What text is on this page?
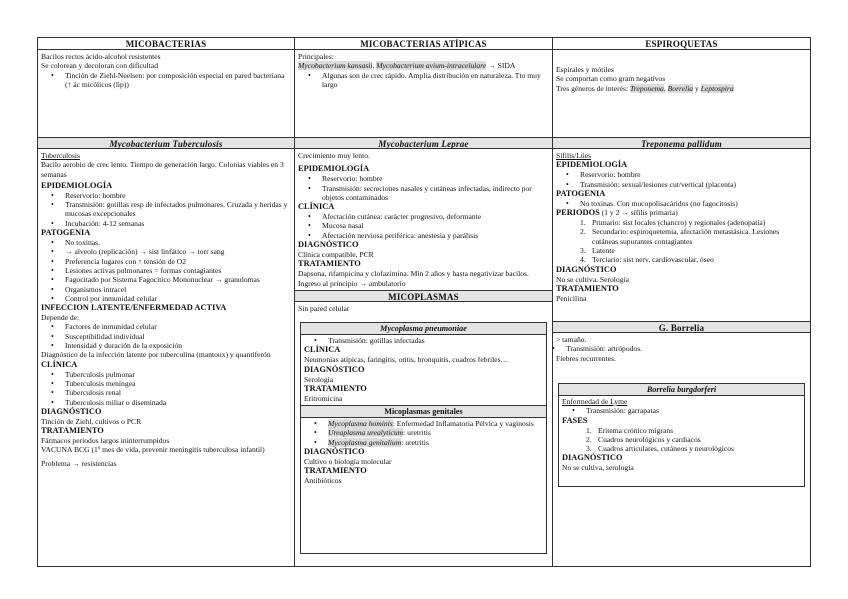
MICOBACTERIAS
Bacilos rectos ácido-alcohol resistentes
Se colorean y decoloran con dificultad
• Tinción de Ziehl-Neelsen: por composición especial en pared bacteriana (↑ ác micólicos (lip))
Mycobacterium Tuberculosis
Tuberculosis
Bacilo aerobio de crec lento. Tiempo de generación largo. Colonias viables en 3 semanas
EPIDEMIOLOGÍA
• Reservorio: hombre
• Transmisión: gotillas resp de infectados pulmonares. Cruzada y heridas y mucosas excepcionales
• Incubación: 4-12 semanas
PATOGENIA
• No toxinas.
• → alveolo (replicación) → sist linfático → torr sang
• Preferencia lugares con ↑ tensión de O2
• Lesiones activas pulmonares = formas contagiantes
• Fagocitado por Sistema Fagocítico Mononuclear → granulomas
• Organismos intracel
• Control por inmunidad celular
INFECCION LATENTE/ENFERMEDAD ACTIVA
Depende de:
• Factores de inmunidad celular
• Susceptibilidad individual
• Intensidad y duración de la exposición
Diagnóstico de la infección latente por tuberculina (mantoux) y quantiferón
CLÍNICA
• Tuberculosis pulmonar
• Tuberculosis meníngea
• Tuberculosis renal
• Tuberculosis miliar o diseminada
DIAGNÓSTICO
Tinción de Ziehl, cultivos o PCR
TRATAMIENTO
Fármacos periodos largos ininterrumpidos
VACUNA BCG (1º mes de vida, prevenir meningitis tuberculosa infantil)
Problema → resistencias
MICOBACTERIAS ATÍPICAS
Principales:
Mycobacterium kansasii, Mycobacterium avium-intracelulare → SIDA
• Algunas son de crec rápido. Amplia distribución en naturaleza. Tto muy largo
Mycobacterium Leprae
Crecimiento muy lento.
EPIDEMIOLOGÍA
• Reservorio: hombre
• Transmisión: secreciones nasales y cutáneas infectadas, indirecto por objetos contaminados
CLÍNICA
• Afectación cutánea: carácter progresivo, deformante
• Mucosa nasal
• Afectación nerviosa periférica: anestesia y parálisis
DIAGNÓSTICO
Clínica compatible, PCR
TRATAMIENTO
Dapsona, rifampicina y clofazimina. Mín 2 años y hasta negativizar bacilos. Ingreso al principio → ambulatorio
MICOPLASMAS
Sin pared celular
Mycoplasma pneumoniae
• Transmisión: gotillas infectadas
CLÍNICA
Neumonías atípicas, faringitis, otitis, bronquitis, cuadros febriles…
DIAGNÓSTICO
Serología
TRATAMIENTO
Eritromicina
Micoplasmas genitales
• Mycoplasma hominis: Enfermedad Inflamatoria Pélvica y vaginosis
• Ureaplasma urealyticum: uretritis
• Mycoplasma genitalium: uretritis
DIAGNÓSTICO
Cultivo o biología molecular
TRATAMIENTO
Antibióticos
ESPIROQUETAS
Espirales y mótiles
Se comportan como gram negativos
Tres géneros de interés: Treponema, Borrelia y Leptospira
Treponema pallidum
Sífilis/Lúes
EPIDEMIOLOGÍA
• Reservorio: hombre
• Transmisión: sexual/lesiones cut/vertical (placenta)
PATOGENIA
• No toxinas. Con mucopolisacáridos (no fagocitosis)
PERIODOS (1 y 2 → sífilis primaria)
1. Primario: sist locales (chancro) y regionales (adenopatía)
2. Secundario: espiroquetemia, afectación metastásica. Lesiones cutáneas supurantes contagiantes
3. Latente
4. Terciario: sist nerv, cardiovascular, óseo
DIAGNÓSTICO
No se cultiva. Serología
TRATAMIENTO
Penicilina
G. Borrelia
> tamaño.
• Transmisión: artrópodos.
Fiebres recurrentes.
Borrelia burgdorferi
Enfermedad de Lyme
• Transmisión: garrapatas
FASES
1. Eritema crónico migrans
2. Cuadros neurológicos y cardiacos
3. Cuadros articulares, cutáneos y neurológicos
DIAGNÓSTICO
No se cultiva, serología
